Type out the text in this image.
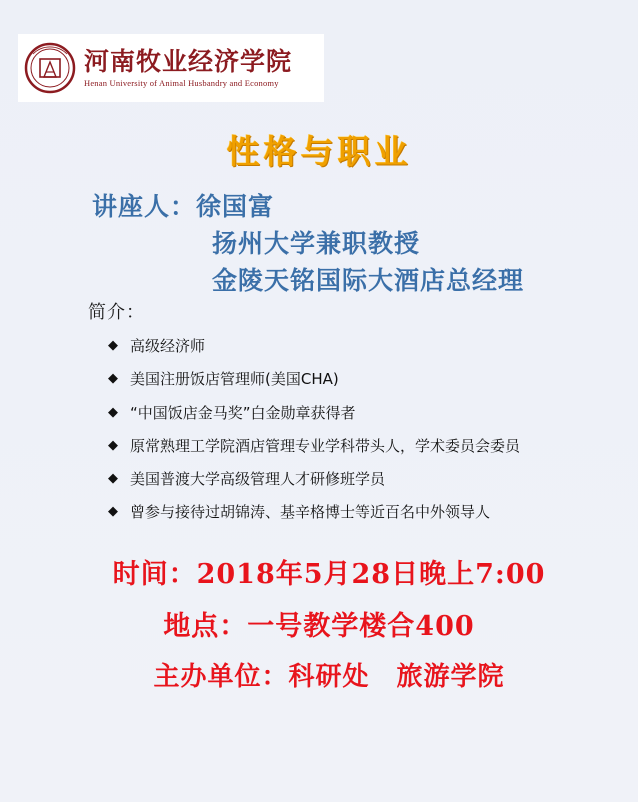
河南牧业经济学院
Henan University of Animal Husbandry and Economy
性格与职业
讲座人：徐国富
扬州大学兼职教授
金陵天铭国际大酒店总经理
简介：
◆ 高级经济师
◆ 美国注册饭店管理师(美国CHA)
◆ “中国饭店金马奖”白金勋章获得者
◆ 原常熟理工学院酒店管理专业学科带头人，学术委员会委员
◆ 美国普渡大学高级管理人才研修班学员
◆ 曾参与接待过胡锦涛、基辛格博士等近百名中外领导人
时间：2018年5月28日晚上7:00
地点：一号教学楼合400
主办单位：科研处　旅游学院
